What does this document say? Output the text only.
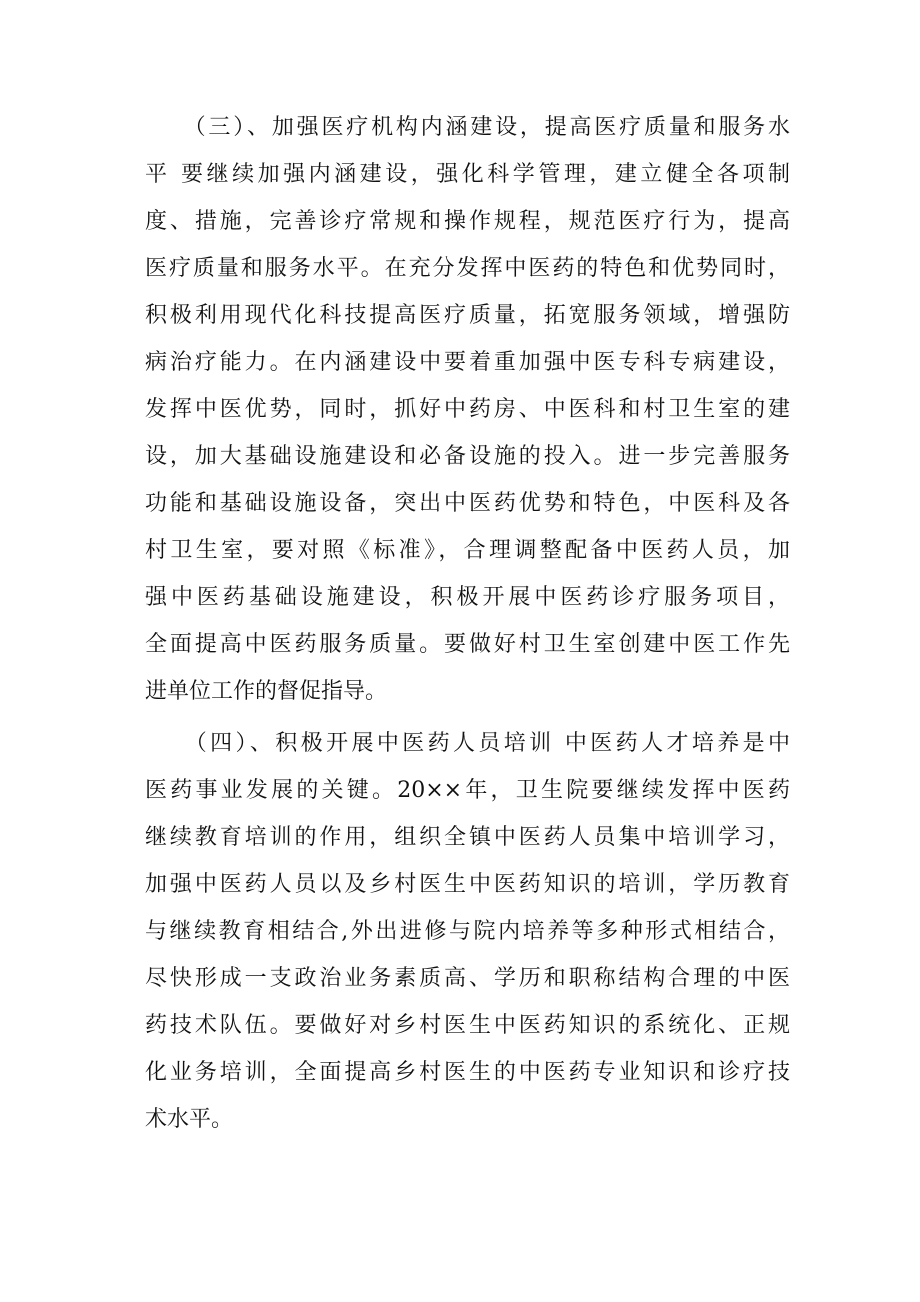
　　（三）、加强医疗机构内涵建设，提高医疗质量和服务水
平 要继续加强内涵建设，强化科学管理，建立健全各项制
度、措施，完善诊疗常规和操作规程，规范医疗行为，提高
医疗质量和服务水平。在充分发挥中医药的特色和优势同时，
积极利用现代化科技提高医疗质量，拓宽服务领域，增强防
病治疗能力。在内涵建设中要着重加强中医专科专病建设，
发挥中医优势，同时，抓好中药房、中医科和村卫生室的建
设，加大基础设施建设和必备设施的投入。进一步完善服务
功能和基础设施设备，突出中医药优势和特色，中医科及各
村卫生室，要对照《标准》，合理调整配备中医药人员，加
强中医药基础设施建设，积极开展中医药诊疗服务项目，
全面提高中医药服务质量。要做好村卫生室创建中医工作先
进单位工作的督促指导。
　　（四）、积极开展中医药人员培训 中医药人才培养是中
医药事业发展的关键。20××年，卫生院要继续发挥中医药
继续教育培训的作用，组织全镇中医药人员集中培训学习，
加强中医药人员以及乡村医生中医药知识的培训，学历教育
与继续教育相结合,外出进修与院内培养等多种形式相结合，
尽快形成一支政治业务素质高、学历和职称结构合理的中医
药技术队伍。要做好对乡村医生中医药知识的系统化、正规
化业务培训，全面提高乡村医生的中医药专业知识和诊疗技
术水平。
